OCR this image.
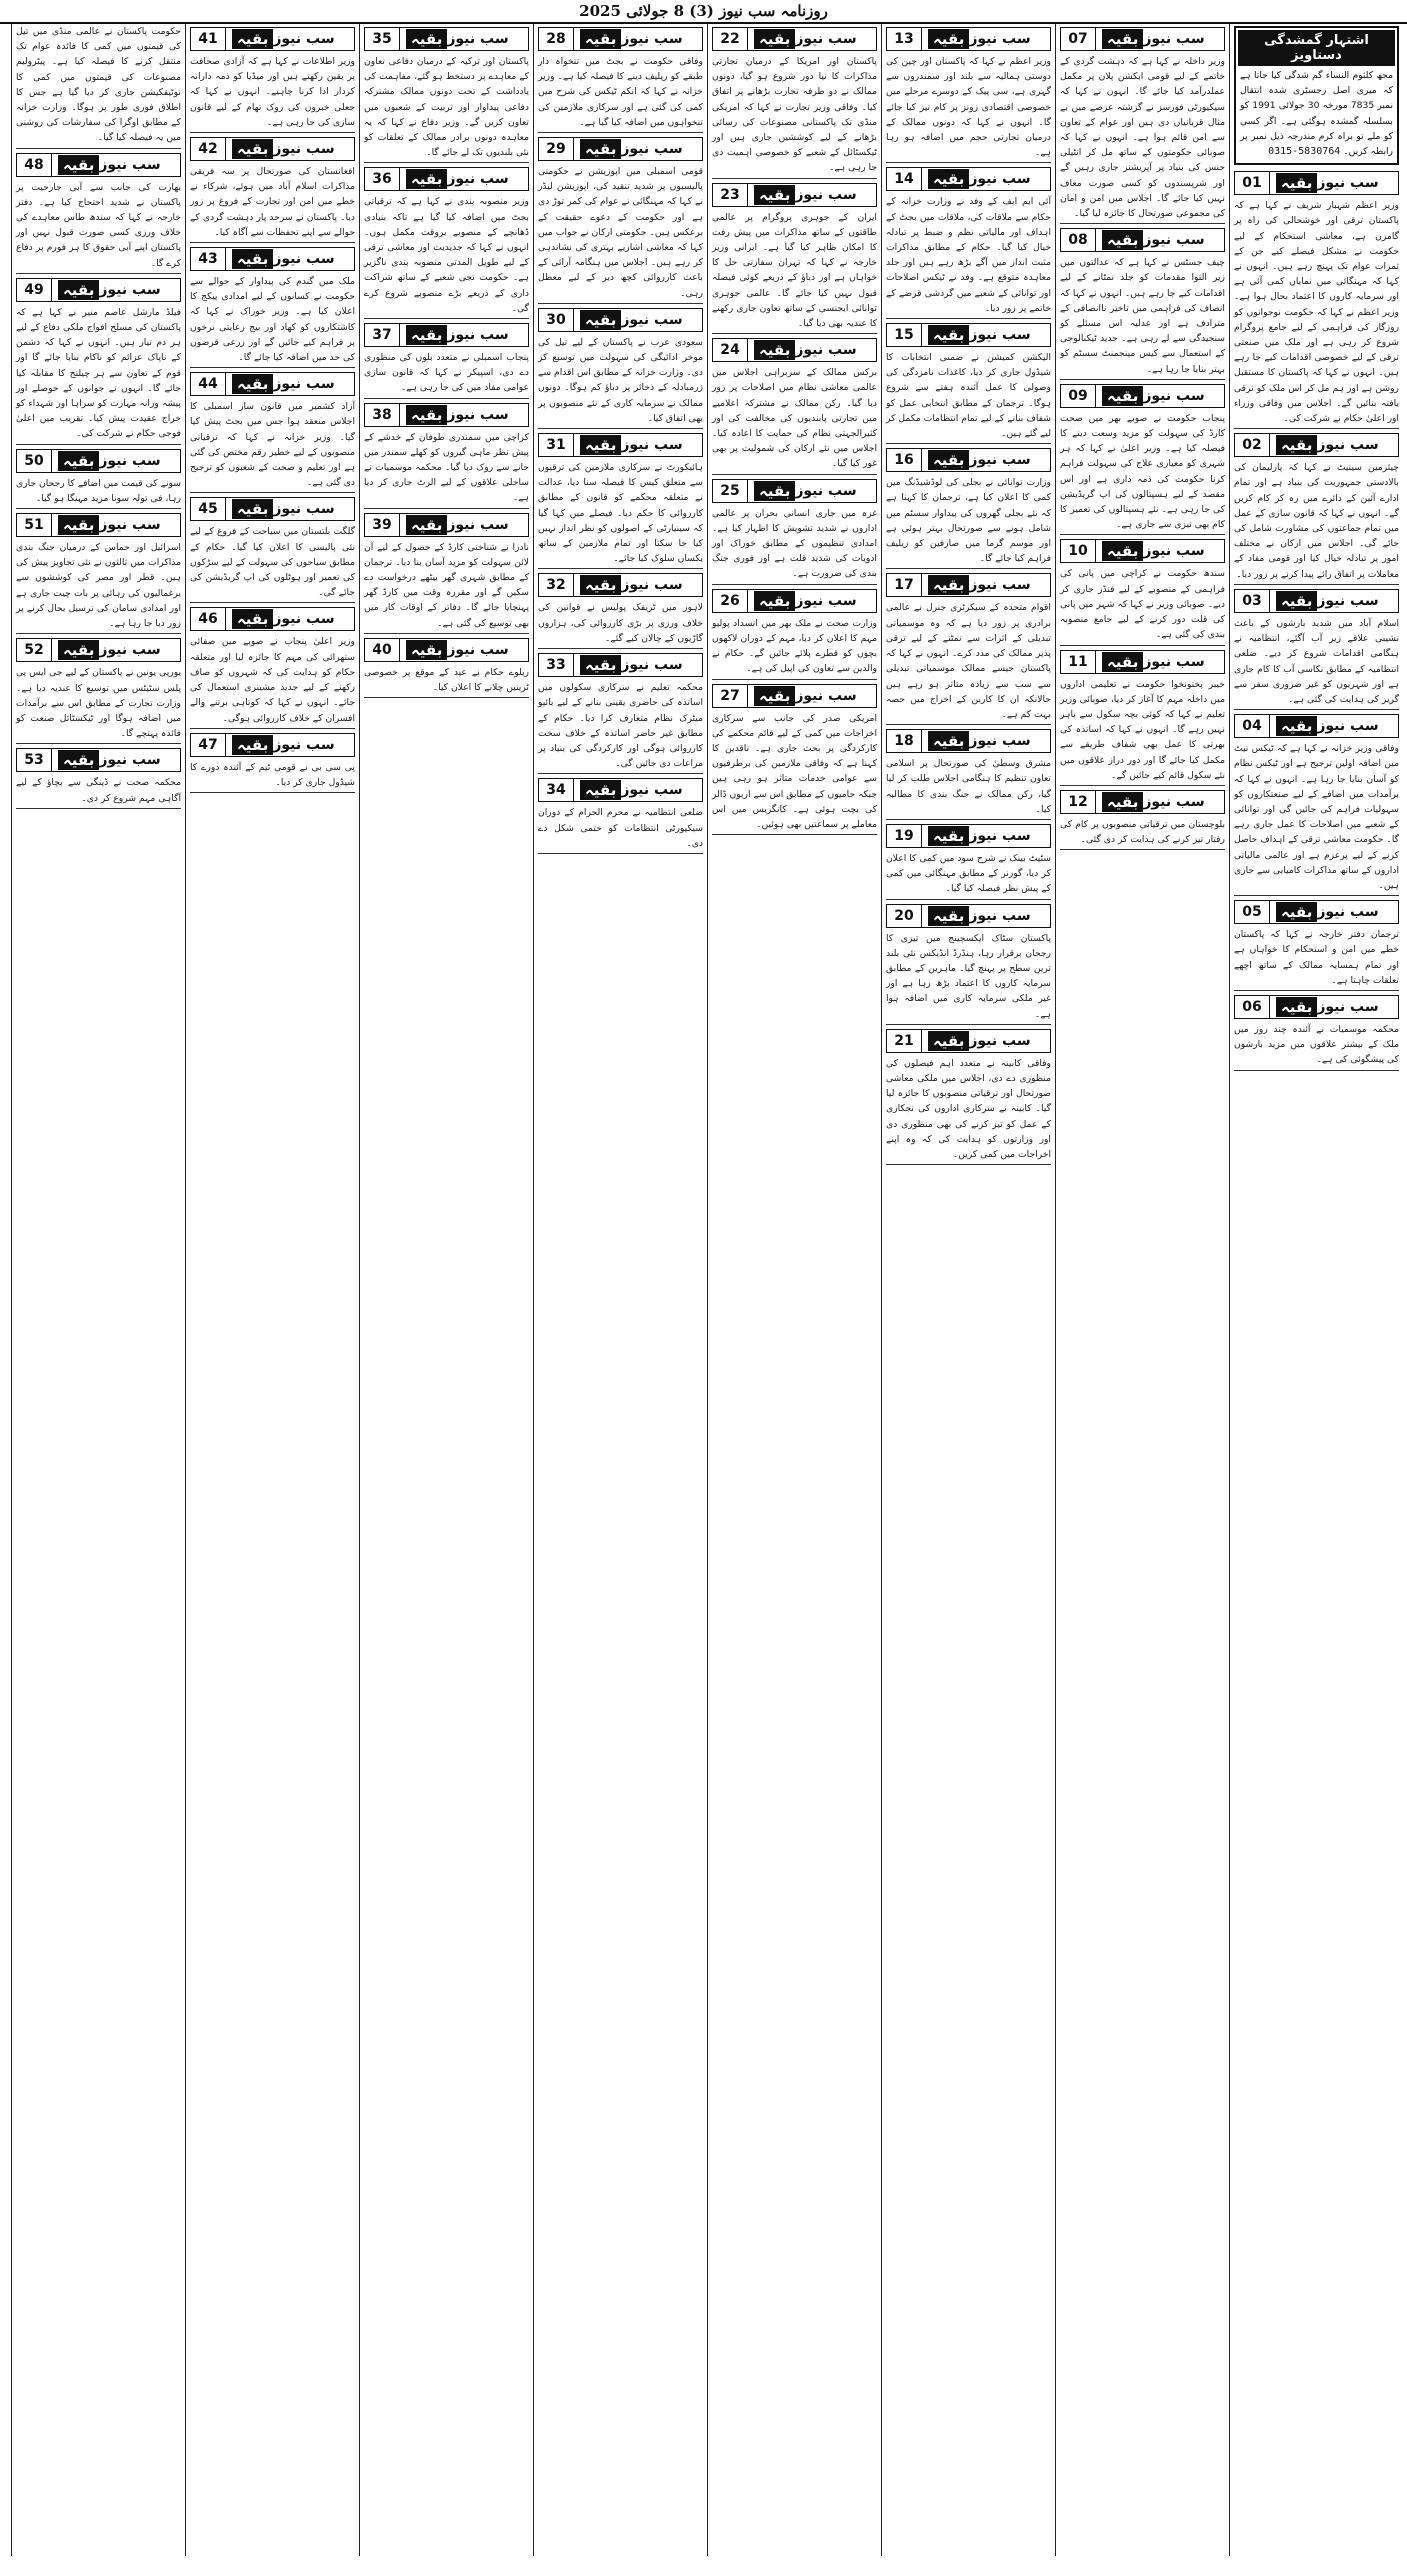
روزنامہ سب نیوز (3) 8 جولائی 2025
اشتہار گمشدگی دستاویز
مجھ کلثوم النساء گم شدگی کیا جاتا ہے کہ میری اصل رجسٹری شدہ انتقال نمبر 7835 مورخہ 30 جولائی 1991 کو بسلسلہ گمشدہ ہوگئی ہے۔ اگر کسی کو ملے تو براہ کرم مندرجہ ذیل نمبر پر رابطہ کریں۔ 0315-5830764
01	سب نیوز
بقیہ

وزیر اعظم شہباز شریف نے کہا ہے کہ پاکستان ترقی اور خوشحالی کی راہ پر گامزن ہے، معاشی استحکام کے لیے حکومت نے مشکل فیصلے کیے جن کے ثمرات عوام تک پہنچ رہے ہیں۔ انہوں نے کہا کہ مہنگائی میں نمایاں کمی آئی ہے اور سرمایہ کاروں کا اعتماد بحال ہوا ہے۔ وزیر اعظم نے کہا کہ حکومت نوجوانوں کو روزگار کی فراہمی کے لیے جامع پروگرام شروع کر رہی ہے اور ملک میں صنعتی ترقی کے لیے خصوصی اقدامات کیے جا رہے ہیں۔ انہوں نے کہا کہ پاکستان کا مستقبل روشن ہے اور ہم مل کر اس ملک کو ترقی یافتہ بنائیں گے۔ اجلاس میں وفاقی وزراء اور اعلیٰ حکام نے شرکت کی۔

02	سب نیوز
بقیہ

چیئرمین سینیٹ نے کہا کہ پارلیمان کی بالادستی جمہوریت کی بنیاد ہے اور تمام ادارے آئین کے دائرے میں رہ کر کام کریں گے۔ انہوں نے کہا کہ قانون سازی کے عمل میں تمام جماعتوں کی مشاورت شامل کی جائے گی۔ اجلاس میں ارکان نے مختلف امور پر تبادلہ خیال کیا اور قومی مفاد کے معاملات پر اتفاق رائے پیدا کرنے پر زور دیا۔

03	سب نیوز
بقیہ

اسلام آباد میں شدید بارشوں کے باعث نشیبی علاقے زیر آب آگئے، انتظامیہ نے ہنگامی اقدامات شروع کر دیے۔ ضلعی انتظامیہ کے مطابق نکاسی آب کا کام جاری ہے اور شہریوں کو غیر ضروری سفر سے گریز کی ہدایت کی گئی ہے۔

04	سب نیوز
بقیہ

وفاقی وزیر خزانہ نے کہا ہے کہ ٹیکس نیٹ میں اضافہ اولین ترجیح ہے اور ٹیکس نظام کو آسان بنایا جا رہا ہے۔ انہوں نے کہا کہ برآمدات میں اضافے کے لیے صنعتکاروں کو سہولیات فراہم کی جائیں گی اور توانائی کے شعبے میں اصلاحات کا عمل جاری رہے گا۔ حکومت معاشی ترقی کے اہداف حاصل کرنے کے لیے پرعزم ہے اور عالمی مالیاتی اداروں کے ساتھ مذاکرات کامیابی سے جاری ہیں۔

05	سب نیوز
بقیہ

ترجمان دفتر خارجہ نے کہا کہ پاکستان خطے میں امن و استحکام کا خواہاں ہے اور تمام ہمسایہ ممالک کے ساتھ اچھے تعلقات چاہتا ہے۔

06	سب نیوز
بقیہ

محکمہ موسمیات نے آئندہ چند روز میں ملک کے بیشتر علاقوں میں مزید بارشوں کی پیشگوئی کی ہے۔

07	سب نیوز
بقیہ

وزیر داخلہ نے کہا ہے کہ دہشت گردی کے خاتمے کے لیے قومی ایکشن پلان پر مکمل عملدرآمد کیا جائے گا۔ انہوں نے کہا کہ سیکیورٹی فورسز نے گزشتہ عرصے میں بے مثال قربانیاں دی ہیں اور عوام کے تعاون سے امن قائم ہوا ہے۔ انہوں نے کہا کہ صوبائی حکومتوں کے ساتھ مل کر انٹیلی جنس کی بنیاد پر آپریشنز جاری رہیں گے اور شرپسندوں کو کسی صورت معاف نہیں کیا جائے گا۔ اجلاس میں امن و امان کی مجموعی صورتحال کا جائزہ لیا گیا۔

08	سب نیوز
بقیہ

چیف جسٹس نے کہا ہے کہ عدالتوں میں زیر التوا مقدمات کو جلد نمٹانے کے لیے اقدامات کیے جا رہے ہیں۔ انہوں نے کہا کہ انصاف کی فراہمی میں تاخیر ناانصافی کے مترادف ہے اور عدلیہ اس مسئلے کو سنجیدگی سے لے رہی ہے۔ جدید ٹیکنالوجی کے استعمال سے کیس مینجمنٹ سسٹم کو بہتر بنایا جا رہا ہے۔

09	سب نیوز
بقیہ

پنجاب حکومت نے صوبے بھر میں صحت کارڈ کی سہولت کو مزید وسعت دینے کا فیصلہ کیا ہے۔ وزیر اعلیٰ نے کہا کہ ہر شہری کو معیاری علاج کی سہولت فراہم کرنا حکومت کی ذمہ داری ہے اور اس مقصد کے لیے ہسپتالوں کی اپ گریڈیشن کی جا رہی ہے۔ نئے ہسپتالوں کی تعمیر کا کام بھی تیزی سے جاری ہے۔

10	سب نیوز
بقیہ

سندھ حکومت نے کراچی میں پانی کی فراہمی کے منصوبے کے لیے فنڈز جاری کر دیے۔ صوبائی وزیر نے کہا کہ شہر میں پانی کی قلت دور کرنے کے لیے جامع منصوبہ بندی کی گئی ہے۔

11	سب نیوز
بقیہ

خیبر پختونخوا حکومت نے تعلیمی اداروں میں داخلہ مہم کا آغاز کر دیا، صوبائی وزیر تعلیم نے کہا کہ کوئی بچہ سکول سے باہر نہیں رہے گا۔ انہوں نے کہا کہ اساتذہ کی بھرتی کا عمل بھی شفاف طریقے سے مکمل کیا جائے گا اور دور دراز علاقوں میں نئے سکول قائم کیے جائیں گے۔

12	سب نیوز
بقیہ

بلوچستان میں ترقیاتی منصوبوں پر کام کی رفتار تیز کرنے کی ہدایت کر دی گئی۔

13	سب نیوز
بقیہ

وزیر اعظم نے کہا کہ پاکستان اور چین کی دوستی ہمالیہ سے بلند اور سمندروں سے گہری ہے، سی پیک کے دوسرے مرحلے میں خصوصی اقتصادی زونز پر کام تیز کیا جائے گا۔ انہوں نے کہا کہ دونوں ممالک کے درمیان تجارتی حجم میں اضافہ ہو رہا ہے۔

14	سب نیوز
بقیہ

آئی ایم ایف کے وفد نے وزارت خزانہ کے حکام سے ملاقات کی، ملاقات میں بجٹ کے اہداف اور مالیاتی نظم و ضبط پر تبادلہ خیال کیا گیا۔ حکام کے مطابق مذاکرات مثبت انداز میں آگے بڑھ رہے ہیں اور جلد معاہدہ متوقع ہے۔ وفد نے ٹیکس اصلاحات اور توانائی کے شعبے میں گردشی قرضے کے خاتمے پر زور دیا۔

15	سب نیوز
بقیہ

الیکشن کمیشن نے ضمنی انتخابات کا شیڈول جاری کر دیا، کاغذات نامزدگی کی وصولی کا عمل آئندہ ہفتے سے شروع ہوگا۔ ترجمان کے مطابق انتخابی عمل کو شفاف بنانے کے لیے تمام انتظامات مکمل کر لیے گئے ہیں۔

16	سب نیوز
بقیہ

وزارت توانائی نے بجلی کی لوڈشیڈنگ میں کمی کا اعلان کیا ہے، ترجمان کا کہنا ہے کہ نئے بجلی گھروں کی پیداوار سسٹم میں شامل ہونے سے صورتحال بہتر ہوئی ہے اور موسم گرما میں صارفین کو ریلیف فراہم کیا جائے گا۔

17	سب نیوز
بقیہ

اقوام متحدہ کے سیکرٹری جنرل نے عالمی برادری پر زور دیا ہے کہ وہ موسمیاتی تبدیلی کے اثرات سے نمٹنے کے لیے ترقی پذیر ممالک کی مدد کرے۔ انہوں نے کہا کہ پاکستان جیسے ممالک موسمیاتی تبدیلی سے سب سے زیادہ متاثر ہو رہے ہیں حالانکہ ان کا کاربن کے اخراج میں حصہ بہت کم ہے۔

18	سب نیوز
بقیہ

مشرق وسطیٰ کی صورتحال پر اسلامی تعاون تنظیم کا ہنگامی اجلاس طلب کر لیا گیا، رکن ممالک نے جنگ بندی کا مطالبہ کیا۔

19	سب نیوز
بقیہ

سٹیٹ بینک نے شرح سود میں کمی کا اعلان کر دیا، گورنر کے مطابق مہنگائی میں کمی کے پیش نظر فیصلہ کیا گیا۔

20	سب نیوز
بقیہ

پاکستان سٹاک ایکسچینج میں تیزی کا رجحان برقرار رہا، ہنڈرڈ انڈیکس نئی بلند ترین سطح پر پہنچ گیا۔ ماہرین کے مطابق سرمایہ کاروں کا اعتماد بڑھ رہا ہے اور غیر ملکی سرمایہ کاری میں اضافہ ہوا ہے۔

21	سب نیوز
بقیہ

وفاقی کابینہ نے متعدد اہم فیصلوں کی منظوری دے دی، اجلاس میں ملکی معاشی صورتحال اور ترقیاتی منصوبوں کا جائزہ لیا گیا۔ کابینہ نے سرکاری اداروں کی نجکاری کے عمل کو تیز کرنے کی بھی منظوری دی اور وزارتوں کو ہدایت کی کہ وہ اپنے اخراجات میں کمی کریں۔

22	سب نیوز
بقیہ

پاکستان اور امریکا کے درمیان تجارتی مذاکرات کا نیا دور شروع ہو گیا، دونوں ممالک نے دو طرفہ تجارت بڑھانے پر اتفاق کیا۔ وفاقی وزیر تجارت نے کہا کہ امریکی منڈی تک پاکستانی مصنوعات کی رسائی بڑھانے کے لیے کوششیں جاری ہیں اور ٹیکسٹائل کے شعبے کو خصوصی اہمیت دی جا رہی ہے۔

23	سب نیوز
بقیہ

ایران کے جوہری پروگرام پر عالمی طاقتوں کے ساتھ مذاکرات میں پیش رفت کا امکان ظاہر کیا گیا ہے۔ ایرانی وزیر خارجہ نے کہا کہ تہران سفارتی حل کا خواہاں ہے اور دباؤ کے ذریعے کوئی فیصلہ قبول نہیں کیا جائے گا۔ عالمی جوہری توانائی ایجنسی کے ساتھ تعاون جاری رکھنے کا عندیہ بھی دیا گیا۔

24	سب نیوز
بقیہ

برکس ممالک کے سربراہی اجلاس میں عالمی معاشی نظام میں اصلاحات پر زور دیا گیا۔ رکن ممالک نے مشترکہ اعلامیے میں تجارتی پابندیوں کی مخالفت کی اور کثیرالجہتی نظام کی حمایت کا اعادہ کیا۔ اجلاس میں نئے ارکان کی شمولیت پر بھی غور کیا گیا۔

25	سب نیوز
بقیہ

غزہ میں جاری انسانی بحران پر عالمی اداروں نے شدید تشویش کا اظہار کیا ہے۔ امدادی تنظیموں کے مطابق خوراک اور ادویات کی شدید قلت ہے اور فوری جنگ بندی کی ضرورت ہے۔

26	سب نیوز
بقیہ

وزارت صحت نے ملک بھر میں انسداد پولیو مہم کا اعلان کر دیا، مہم کے دوران لاکھوں بچوں کو قطرے پلائے جائیں گے۔ حکام نے والدین سے تعاون کی اپیل کی ہے۔

27	سب نیوز
بقیہ

امریکی صدر کی جانب سے سرکاری اخراجات میں کمی کے لیے قائم محکمے کی کارکردگی پر بحث جاری ہے۔ ناقدین کا کہنا ہے کہ وفاقی ملازمین کی برطرفیوں سے عوامی خدمات متاثر ہو رہی ہیں جبکہ حامیوں کے مطابق اس سے اربوں ڈالر کی بچت ہوئی ہے۔ کانگریس میں اس معاملے پر سماعتیں بھی ہوئیں۔

28	سب نیوز
بقیہ

وفاقی حکومت نے بجٹ میں تنخواہ دار طبقے کو ریلیف دینے کا فیصلہ کیا ہے۔ وزیر خزانہ نے کہا کہ انکم ٹیکس کی شرح میں کمی کی گئی ہے اور سرکاری ملازمین کی تنخواہوں میں اضافہ کیا گیا ہے۔

29	سب نیوز
بقیہ

قومی اسمبلی میں اپوزیشن نے حکومتی پالیسیوں پر شدید تنقید کی، اپوزیشن لیڈر نے کہا کہ مہنگائی نے عوام کی کمر توڑ دی ہے اور حکومت کے دعوے حقیقت کے برعکس ہیں۔ حکومتی ارکان نے جواب میں کہا کہ معاشی اشاریے بہتری کی نشاندہی کر رہے ہیں۔ اجلاس میں ہنگامہ آرائی کے باعث کارروائی کچھ دیر کے لیے معطل رہی۔

30	سب نیوز
بقیہ

سعودی عرب نے پاکستان کے لیے تیل کی موخر ادائیگی کی سہولت میں توسیع کر دی۔ وزارت خزانہ کے مطابق اس اقدام سے زرمبادلہ کے ذخائر پر دباؤ کم ہوگا۔ دونوں ممالک نے سرمایہ کاری کے نئے منصوبوں پر بھی اتفاق کیا۔

31	سب نیوز
بقیہ

ہائیکورٹ نے سرکاری ملازمین کی ترقیوں سے متعلق کیس کا فیصلہ سنا دیا، عدالت نے متعلقہ محکمے کو قانون کے مطابق کارروائی کا حکم دیا۔ فیصلے میں کہا گیا کہ سینیارٹی کے اصولوں کو نظر انداز نہیں کیا جا سکتا اور تمام ملازمین کے ساتھ یکساں سلوک کیا جائے۔

32	سب نیوز
بقیہ

لاہور میں ٹریفک پولیس نے قوانین کی خلاف ورزی پر بڑی کارروائی کی، ہزاروں گاڑیوں کے چالان کیے گئے۔

33	سب نیوز
بقیہ

محکمہ تعلیم نے سرکاری سکولوں میں اساتذہ کی حاضری یقینی بنانے کے لیے بائیو میٹرک نظام متعارف کرا دیا۔ حکام کے مطابق غیر حاضر اساتذہ کے خلاف سخت کارروائی ہوگی اور کارکردگی کی بنیاد پر مراعات دی جائیں گی۔

34	سب نیوز
بقیہ

ضلعی انتظامیہ نے محرم الحرام کے دوران سیکیورٹی انتظامات کو حتمی شکل دے دی۔

35	سب نیوز
بقیہ

پاکستان اور ترکیہ کے درمیان دفاعی تعاون کے معاہدے پر دستخط ہو گئے، مفاہمت کی یادداشت کے تحت دونوں ممالک مشترکہ دفاعی پیداوار اور تربیت کے شعبوں میں تعاون کریں گے۔ وزیر دفاع نے کہا کہ یہ معاہدہ دونوں برادر ممالک کے تعلقات کو نئی بلندیوں تک لے جائے گا۔

36	سب نیوز
بقیہ

وزیر منصوبہ بندی نے کہا ہے کہ ترقیاتی بجٹ میں اضافہ کیا گیا ہے تاکہ بنیادی ڈھانچے کے منصوبے بروقت مکمل ہوں۔ انہوں نے کہا کہ جدیدیت اور معاشی ترقی کے لیے طویل المدتی منصوبہ بندی ناگزیر ہے۔ حکومت نجی شعبے کے ساتھ شراکت داری کے ذریعے بڑے منصوبے شروع کرے گی۔

37	سب نیوز
بقیہ

پنجاب اسمبلی نے متعدد بلوں کی منظوری دے دی، اسپیکر نے کہا کہ قانون سازی عوامی مفاد میں کی جا رہی ہے۔

38	سب نیوز
بقیہ

کراچی میں سمندری طوفان کے خدشے کے پیش نظر ماہی گیروں کو کھلے سمندر میں جانے سے روک دیا گیا۔ محکمہ موسمیات نے ساحلی علاقوں کے لیے الرٹ جاری کر دیا ہے۔

39	سب نیوز
بقیہ

نادرا نے شناختی کارڈ کے حصول کے لیے آن لائن سہولت کو مزید آسان بنا دیا۔ ترجمان کے مطابق شہری گھر بیٹھے درخواست دے سکیں گے اور مقررہ وقت میں کارڈ گھر پہنچایا جائے گا۔ دفاتر کے اوقات کار میں بھی توسیع کی گئی ہے۔

40	سب نیوز
بقیہ

ریلوے حکام نے عید کے موقع پر خصوصی ٹرینیں چلانے کا اعلان کیا۔

41	سب نیوز
بقیہ

وزیر اطلاعات نے کہا ہے کہ آزادی صحافت پر یقین رکھتے ہیں اور میڈیا کو ذمہ دارانہ کردار ادا کرنا چاہیے۔ انہوں نے کہا کہ جعلی خبروں کی روک تھام کے لیے قانون سازی کی جا رہی ہے۔

42	سب نیوز
بقیہ

افغانستان کی صورتحال پر سہ فریقی مذاکرات اسلام آباد میں ہوئے، شرکاء نے خطے میں امن اور تجارت کے فروغ پر زور دیا۔ پاکستان نے سرحد پار دہشت گردی کے حوالے سے اپنے تحفظات سے آگاہ کیا۔

43	سب نیوز
بقیہ

ملک میں گندم کی پیداوار کے حوالے سے حکومت نے کسانوں کے لیے امدادی پیکج کا اعلان کیا ہے۔ وزیر خوراک نے کہا کہ کاشتکاروں کو کھاد اور بیج رعایتی نرخوں پر فراہم کیے جائیں گے اور زرعی قرضوں کی حد میں اضافہ کیا جائے گا۔

44	سب نیوز
بقیہ

آزاد کشمیر میں قانون ساز اسمبلی کا اجلاس منعقد ہوا جس میں بجٹ پیش کیا گیا۔ وزیر خزانہ نے کہا کہ ترقیاتی منصوبوں کے لیے خطیر رقم مختص کی گئی ہے اور تعلیم و صحت کے شعبوں کو ترجیح دی گئی ہے۔

45	سب نیوز
بقیہ

گلگت بلتستان میں سیاحت کے فروغ کے لیے نئی پالیسی کا اعلان کیا گیا۔ حکام کے مطابق سیاحوں کی سہولت کے لیے سڑکوں کی تعمیر اور ہوٹلوں کی اپ گریڈیشن کی جائے گی۔

46	سب نیوز
بقیہ

وزیر اعلیٰ پنجاب نے صوبے میں صفائی ستھرائی کی مہم کا جائزہ لیا اور متعلقہ حکام کو ہدایت کی کہ شہروں کو صاف رکھنے کے لیے جدید مشینری استعمال کی جائے۔ انہوں نے کہا کہ کوتاہی برتنے والے افسران کے خلاف کارروائی ہوگی۔

47	سب نیوز
بقیہ

پی سی بی نے قومی ٹیم کے آئندہ دورے کا شیڈول جاری کر دیا۔

حکومت پاکستان نے عالمی منڈی میں تیل کی قیمتوں میں کمی کا فائدہ عوام تک منتقل کرنے کا فیصلہ کیا ہے۔ پیٹرولیم مصنوعات کی قیمتوں میں کمی کا نوٹیفکیشن جاری کر دیا گیا ہے جس کا اطلاق فوری طور پر ہوگا۔ وزارت خزانہ کے مطابق اوگرا کی سفارشات کی روشنی میں یہ فیصلہ کیا گیا۔

48	سب نیوز
بقیہ

بھارت کی جانب سے آبی جارحیت پر پاکستان نے شدید احتجاج کیا ہے۔ دفتر خارجہ نے کہا کہ سندھ طاس معاہدے کی خلاف ورزی کسی صورت قبول نہیں اور پاکستان اپنے آبی حقوق کا ہر فورم پر دفاع کرے گا۔

49	سب نیوز
بقیہ

فیلڈ مارشل عاصم منیر نے کہا ہے کہ پاکستان کی مسلح افواج ملکی دفاع کے لیے ہر دم تیار ہیں۔ انہوں نے کہا کہ دشمن کے ناپاک عزائم کو ناکام بنایا جائے گا اور قوم کے تعاون سے ہر چیلنج کا مقابلہ کیا جائے گا۔ انہوں نے جوانوں کے حوصلے اور پیشہ ورانہ مہارت کو سراہا اور شہداء کو خراج عقیدت پیش کیا۔ تقریب میں اعلیٰ فوجی حکام نے شرکت کی۔

50	سب نیوز
بقیہ

سونے کی قیمت میں اضافے کا رجحان جاری رہا، فی تولہ سونا مزید مہنگا ہو گیا۔

51	سب نیوز
بقیہ

اسرائیل اور حماس کے درمیان جنگ بندی مذاکرات میں ثالثوں نے نئی تجاویز پیش کی ہیں۔ قطر اور مصر کی کوششوں سے یرغمالیوں کی رہائی پر بات چیت جاری ہے اور امدادی سامان کی ترسیل بحال کرنے پر زور دیا جا رہا ہے۔

52	سب نیوز
بقیہ

یورپی یونین نے پاکستان کے لیے جی ایس پی پلس سٹیٹس میں توسیع کا عندیہ دیا ہے۔ وزارت تجارت کے مطابق اس سے برآمدات میں اضافہ ہوگا اور ٹیکسٹائل صنعت کو فائدہ پہنچے گا۔

53	سب نیوز
بقیہ

محکمہ صحت نے ڈینگی سے بچاؤ کے لیے آگاہی مہم شروع کر دی۔
